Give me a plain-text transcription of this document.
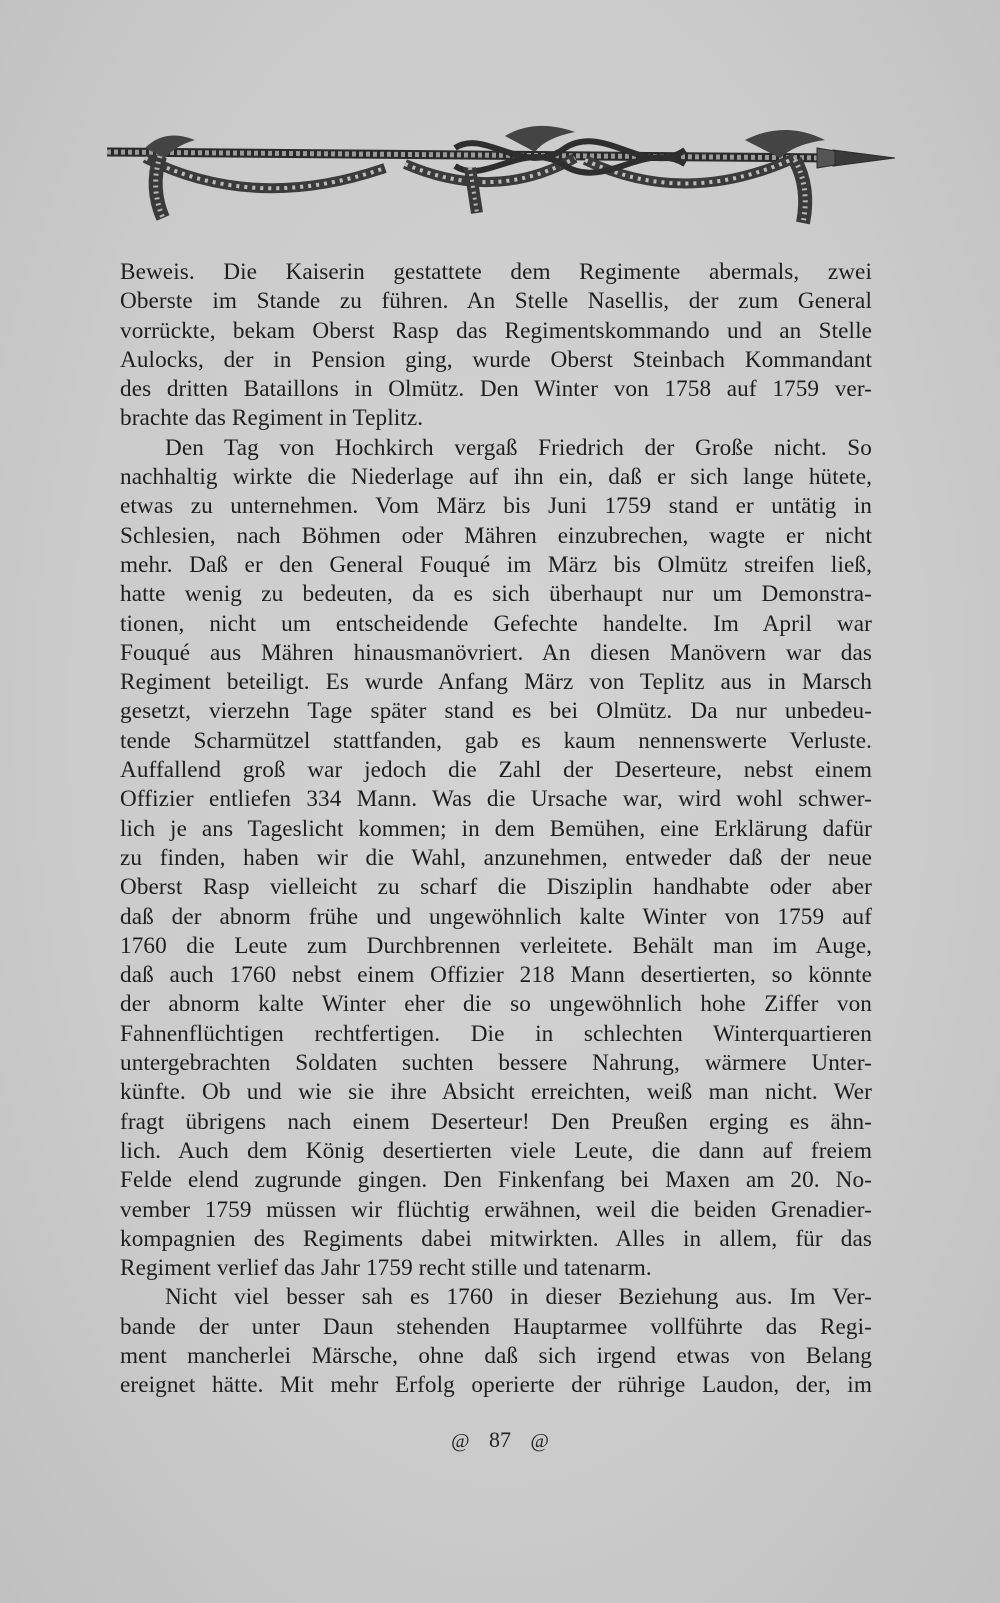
Beweis. Die Kaiserin gestattete dem Regimente abermals, zwei
Oberste im Stande zu führen. An Stelle Nasellis, der zum General
vorrückte, bekam Oberst Rasp das Regimentskommando und an Stelle
Aulocks, der in Pension ging, wurde Oberst Steinbach Kommandant
des dritten Bataillons in Olmütz. Den Winter von 1758 auf 1759 ver-
brachte das Regiment in Teplitz.
Den Tag von Hochkirch vergaß Friedrich der Große nicht. So
nachhaltig wirkte die Niederlage auf ihn ein, daß er sich lange hütete,
etwas zu unternehmen. Vom März bis Juni 1759 stand er untätig in
Schlesien, nach Böhmen oder Mähren einzubrechen, wagte er nicht
mehr. Daß er den General Fouqué im März bis Olmütz streifen ließ,
hatte wenig zu bedeuten, da es sich überhaupt nur um Demonstra-
tionen, nicht um entscheidende Gefechte handelte. Im April war
Fouqué aus Mähren hinausmanövriert. An diesen Manövern war das
Regiment beteiligt. Es wurde Anfang März von Teplitz aus in Marsch
gesetzt, vierzehn Tage später stand es bei Olmütz. Da nur unbedeu-
tende Scharmützel stattfanden, gab es kaum nennenswerte Verluste.
Auffallend groß war jedoch die Zahl der Deserteure, nebst einem
Offizier entliefen 334 Mann. Was die Ursache war, wird wohl schwer-
lich je ans Tageslicht kommen; in dem Bemühen, eine Erklärung dafür
zu finden, haben wir die Wahl, anzunehmen, entweder daß der neue
Oberst Rasp vielleicht zu scharf die Disziplin handhabte oder aber
daß der abnorm frühe und ungewöhnlich kalte Winter von 1759 auf
1760 die Leute zum Durchbrennen verleitete. Behält man im Auge,
daß auch 1760 nebst einem Offizier 218 Mann desertierten, so könnte
der abnorm kalte Winter eher die so ungewöhnlich hohe Ziffer von
Fahnenflüchtigen rechtfertigen. Die in schlechten Winterquartieren
untergebrachten Soldaten suchten bessere Nahrung, wärmere Unter-
künfte. Ob und wie sie ihre Absicht erreichten, weiß man nicht. Wer
fragt übrigens nach einem Deserteur! Den Preußen erging es ähn-
lich. Auch dem König desertierten viele Leute, die dann auf freiem
Felde elend zugrunde gingen. Den Finkenfang bei Maxen am 20. No-
vember 1759 müssen wir flüchtig erwähnen, weil die beiden Grenadier-
kompagnien des Regiments dabei mitwirkten. Alles in allem, für das
Regiment verlief das Jahr 1759 recht stille und tatenarm.
Nicht viel besser sah es 1760 in dieser Beziehung aus. Im Ver-
bande der unter Daun stehenden Hauptarmee vollführte das Regi-
ment mancherlei Märsche, ohne daß sich irgend etwas von Belang
ereignet hätte. Mit mehr Erfolg operierte der rührige Laudon, der, im
@ 87 @
